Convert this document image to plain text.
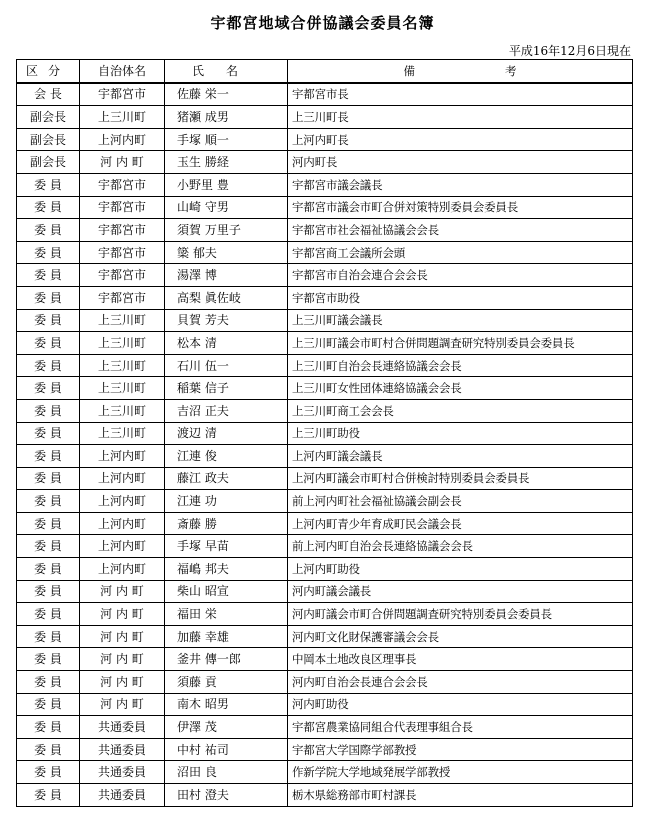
宇都宮地域合併協議会委員名簿
平成16年12月6日現在
区分	自治体名	氏名	備考
会 長	宇都宮市	佐藤 栄一	宇都宮市長
副会長	上三川町	猪瀬 成男	上三川町長
副会長	上河内町	手塚 順一	上河内町長
副会長	河 内 町	玉生 勝経	河内町長
委 員	宇都宮市	小野里 豊	宇都宮市議会議長
委 員	宇都宮市	山崎 守男	宇都宮市議会市町合併対策特別委員会委員長
委 員	宇都宮市	須賀 万里子	宇都宮市社会福祉協議会会長
委 員	宇都宮市	簗 郁夫	宇都宮商工会議所会頭
委 員	宇都宮市	湯澤 博	宇都宮市自治会連合会会長
委 員	宇都宮市	高梨 眞佐岐	宇都宮市助役
委 員	上三川町	貝賀 芳夫	上三川町議会議長
委 員	上三川町	松本 清	上三川町議会市町村合併問題調査研究特別委員会委員長
委 員	上三川町	石川 伍一	上三川町自治会長連絡協議会会長
委 員	上三川町	稲葉 信子	上三川町女性団体連絡協議会会長
委 員	上三川町	吉沼 正夫	上三川町商工会会長
委 員	上三川町	渡辺 清	上三川町助役
委 員	上河内町	江連 俊	上河内町議会議長
委 員	上河内町	藤江 政夫	上河内町議会市町村合併検討特別委員会委員長
委 員	上河内町	江連 功	前上河内町社会福祉協議会副会長
委 員	上河内町	斎藤 勝	上河内町青少年育成町民会議会長
委 員	上河内町	手塚 早苗	前上河内町自治会長連絡協議会会長
委 員	上河内町	福嶋 邦夫	上河内町助役
委 員	河 内 町	柴山 昭宣	河内町議会議長
委 員	河 内 町	福田 栄	河内町議会市町合併問題調査研究特別委員会委員長
委 員	河 内 町	加藤 幸雄	河内町文化財保護審議会会長
委 員	河 内 町	釜井 傳一郎	中岡本土地改良区理事長
委 員	河 内 町	須藤 貢	河内町自治会長連合会会長
委 員	河 内 町	南木 昭男	河内町助役
委 員	共通委員	伊澤 茂	宇都宮農業協同組合代表理事組合長
委 員	共通委員	中村 祐司	宇都宮大学国際学部教授
委 員	共通委員	沼田 良	作新学院大学地域発展学部教授
委 員	共通委員	田村 澄夫	栃木県総務部市町村課長
